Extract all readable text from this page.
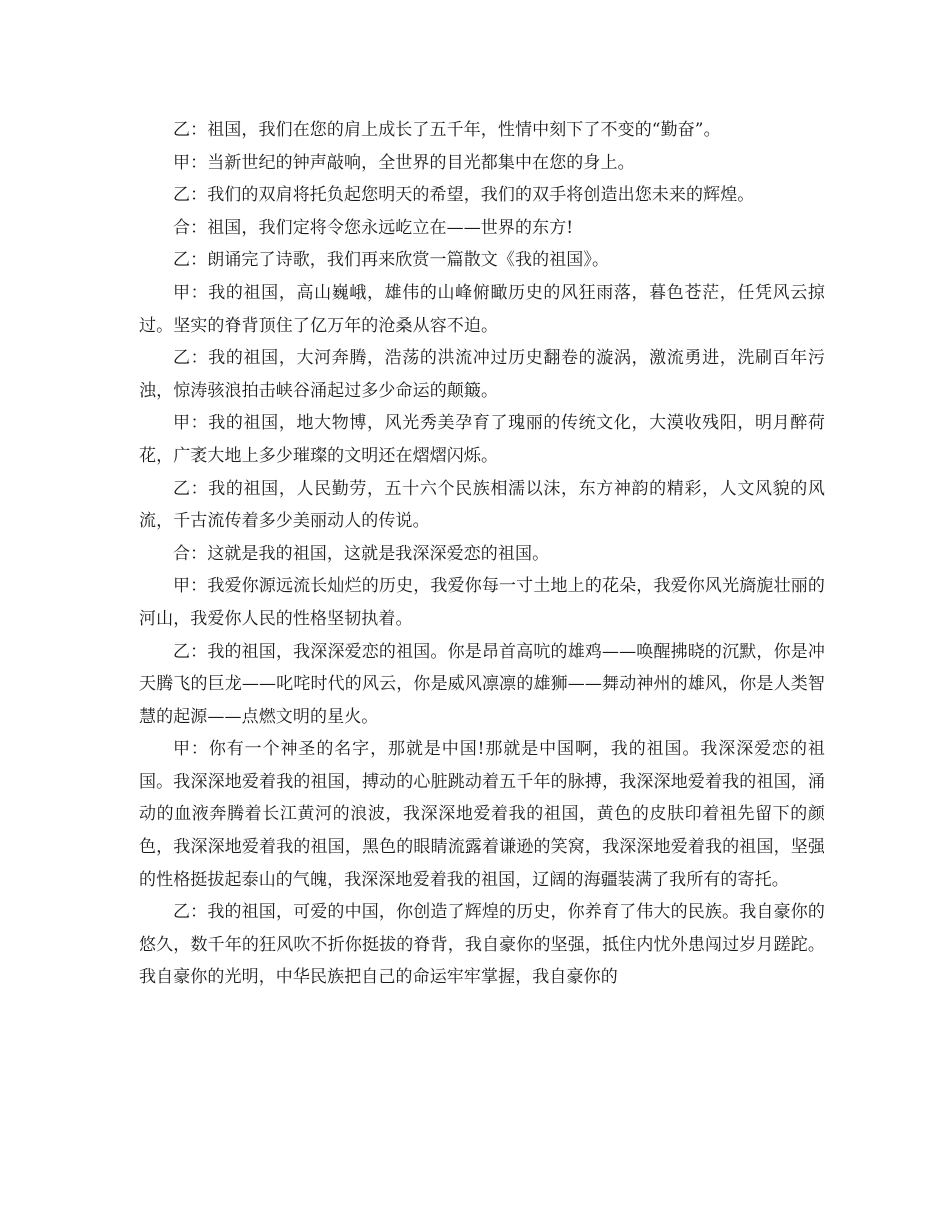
乙：祖国，我们在您的肩上成长了五千年，性情中刻下了不变的“勤奋”。

甲：当新世纪的钟声敲响，全世界的目光都集中在您的身上。

乙：我们的双肩将托负起您明天的希望，我们的双手将创造出您未来的辉煌。

合：祖国，我们定将令您永远屹立在——世界的东方!

乙：朗诵完了诗歌，我们再来欣赏一篇散文《我的祖国》。

甲：我的祖国，高山巍峨，雄伟的山峰俯瞰历史的风狂雨落，暮色苍茫，任凭风云掠过。坚实的脊背顶住了亿万年的沧桑从容不迫。

乙：我的祖国，大河奔腾，浩荡的洪流冲过历史翻卷的漩涡，激流勇进，洗刷百年污浊，惊涛骇浪拍击峡谷涌起过多少命运的颠簸。

甲：我的祖国，地大物博，风光秀美孕育了瑰丽的传统文化，大漠收残阳，明月醉荷花，广袤大地上多少璀璨的文明还在熠熠闪烁。

乙：我的祖国，人民勤劳，五十六个民族相濡以沫，东方神韵的精彩，人文风貌的风流，千古流传着多少美丽动人的传说。

合：这就是我的祖国，这就是我深深爱恋的祖国。

甲：我爱你源远流长灿烂的历史，我爱你每一寸土地上的花朵，我爱你风光旖旎壮丽的河山，我爱你人民的性格坚韧执着。

乙：我的祖国，我深深爱恋的祖国。你是昂首高吭的雄鸡——唤醒拂晓的沉默，你是冲天腾飞的巨龙——叱咤时代的风云，你是威风凛凛的雄狮——舞动神州的雄风，你是人类智慧的起源——点燃文明的星火。

甲：你有一个神圣的名字，那就是中国!那就是中国啊，我的祖国。我深深爱恋的祖国。我深深地爱着我的祖国，搏动的心脏跳动着五千年的脉搏，我深深地爱着我的祖国，涌动的血液奔腾着长江黄河的浪波，我深深地爱着我的祖国，黄色的皮肤印着祖先留下的颜色，我深深地爱着我的祖国，黑色的眼睛流露着谦逊的笑窝，我深深地爱着我的祖国，坚强的性格挺拔起泰山的气魄，我深深地爱着我的祖国，辽阔的海疆装满了我所有的寄托。

乙：我的祖国，可爱的中国，你创造了辉煌的历史，你养育了伟大的民族。我自豪你的悠久，数千年的狂风吹不折你挺拔的脊背，我自豪你的坚强，抵住内忧外患闯过岁月蹉跎。我自豪你的光明，中华民族把自己的命运牢牢掌握，我自豪你的
